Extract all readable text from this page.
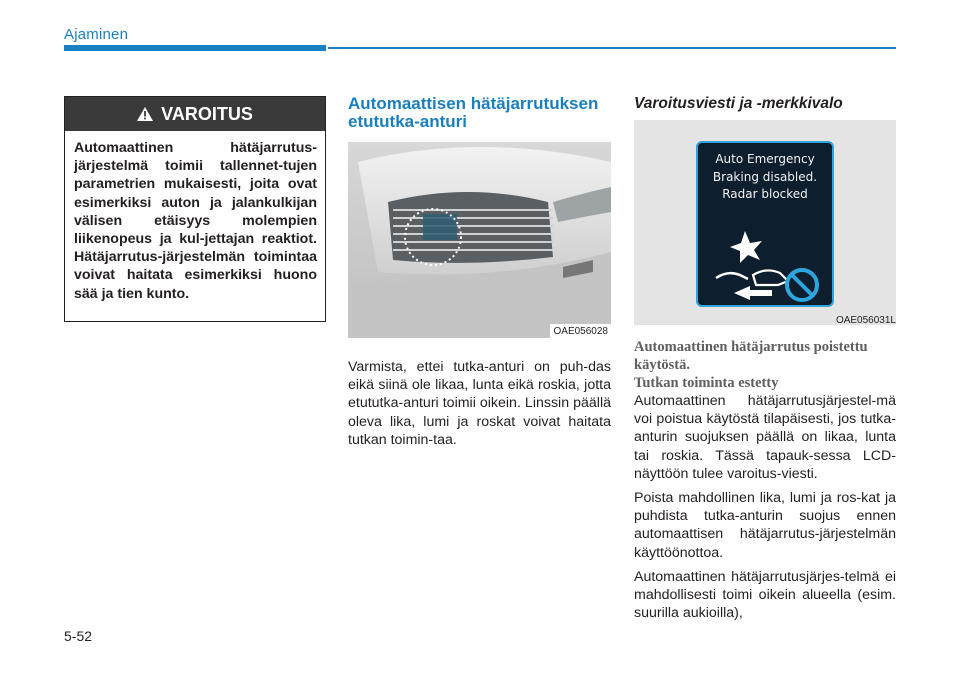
Ajaminen
VAROITUS
Automaattinen hätäjarrutus-järjestelmä toimii tallennet-tujen parametrien mukaisesti, joita ovat esimerkiksi auton ja jalankulkijan välisen etäisyys molempien liikenopeus ja kul-jettajan reaktiot. Hätäjarrutus-järjestelmän toimintaa voivat haitata esimerkiksi huono sää ja tien kunto.
Automaattisen hätäjarrutuksen etututka-anturi
OAE056028
Varmista, ettei tutka-anturi on puh-das eikä siinä ole likaa, lunta eikä roskia, jotta etututka-anturi toimii oikein. Linssin päällä oleva lika, lumi ja roskat voivat haitata tutkan toimin-taa.
Varoitusviesti ja -merkkivalo
Auto Emergency
Braking disabled.
Radar blocked
OAE056031L
Automaattinen hätäjarrutus poistettu käytöstä.
Tutkan toiminta estetty

Automaattinen hätäjarrutusjärjestel-mä voi poistua käytöstä tilapäisesti, jos tutka-anturin suojuksen päällä on likaa, lunta tai roskia. Tässä tapauk-sessa LCD-näyttöön tulee varoitus-viesti.

Poista mahdollinen lika, lumi ja ros-kat ja puhdista tutka-anturin suojus ennen automaattisen hätäjarrutus-järjestelmän käyttöönottoa.

Automaattinen hätäjarrutusjärjes-telmä ei mahdollisesti toimi oikein alueella (esim. suurilla aukioilla),

5-52
